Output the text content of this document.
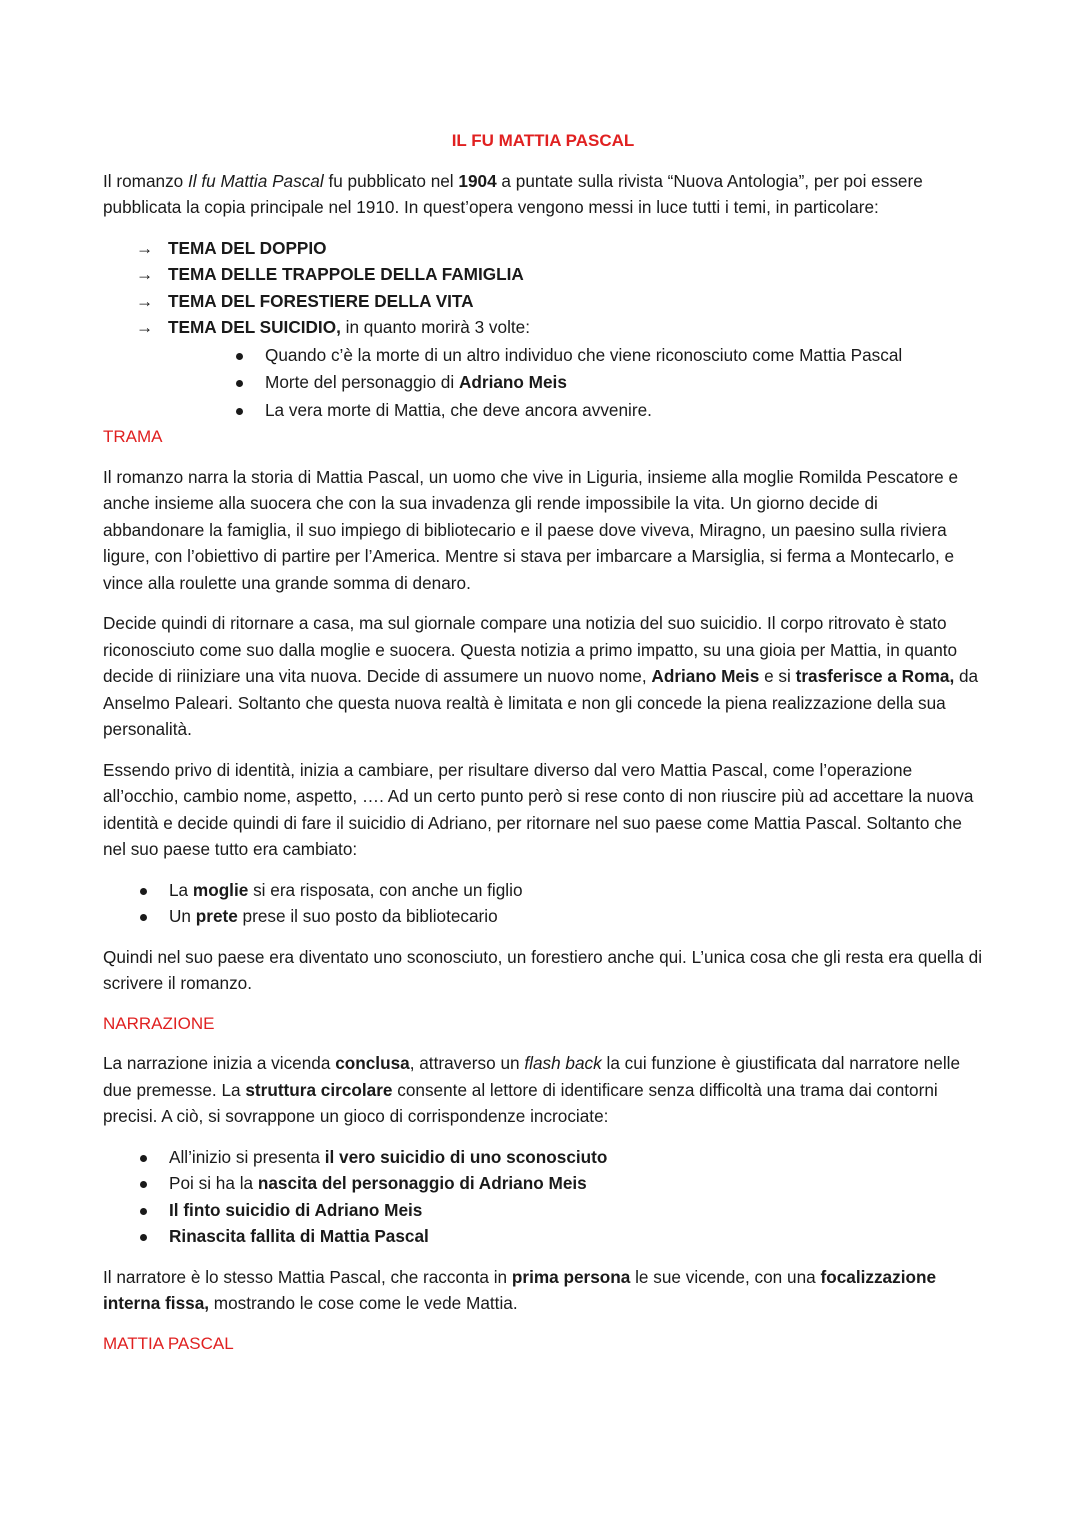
IL FU MATTIA PASCAL

Il romanzo Il fu Mattia Pascal fu pubblicato nel 1904 a puntate sulla rivista “Nuova Antologia”, per poi essere pubblicata la copia principale nel 1910. In quest’opera vengono messi in luce tutti i temi, in particolare:

→ TEMA DEL DOPPIO
→ TEMA DELLE TRAPPOLE DELLA FAMIGLIA
→ TEMA DEL FORESTIERE DELLA VITA
→ TEMA DEL SUICIDIO, in quanto morirà 3 volte:
Quando c’è la morte di un altro individuo che viene riconosciuto come Mattia Pascal
Morte del personaggio di Adriano Meis
La vera morte di Mattia, che deve ancora avvenire.
TRAMA

Il romanzo narra la storia di Mattia Pascal, un uomo che vive in Liguria, insieme alla moglie Romilda Pescatore e anche insieme alla suocera che con la sua invadenza gli rende impossibile la vita. Un giorno decide di abbandonare la famiglia, il suo impiego di bibliotecario e il paese dove viveva, Miragno, un paesino sulla riviera ligure, con l’obiettivo di partire per l’America. Mentre si stava per imbarcare a Marsiglia, si ferma a Montecarlo, e vince alla roulette una grande somma di denaro.

Decide quindi di ritornare a casa, ma sul giornale compare una notizia del suo suicidio. Il corpo ritrovato è stato riconosciuto come suo dalla moglie e suocera. Questa notizia a primo impatto, su una gioia per Mattia, in quanto decide di riiniziare una vita nuova. Decide di assumere un nuovo nome, Adriano Meis e si trasferisce a Roma, da Anselmo Paleari. Soltanto che questa nuova realtà è limitata e non gli concede la piena realizzazione della sua personalità.

Essendo privo di identità, inizia a cambiare, per risultare diverso dal vero Mattia Pascal, come l’operazione all’occhio, cambio nome, aspetto, …. Ad un certo punto però si rese conto di non riuscire più ad accettare la nuova identità e decide quindi di fare il suicidio di Adriano, per ritornare nel suo paese come Mattia Pascal. Soltanto che nel suo paese tutto era cambiato:

La moglie si era risposata, con anche un figlio
Un prete prese il suo posto da bibliotecario

Quindi nel suo paese era diventato uno sconosciuto, un forestiero anche qui. L’unica cosa che gli resta era quella di scrivere il romanzo.

NARRAZIONE

La narrazione inizia a vicenda conclusa, attraverso un flash back la cui funzione è giustificata dal narratore nelle due premesse. La struttura circolare consente al lettore di identificare senza difficoltà una trama dai contorni precisi. A ciò, si sovrappone un gioco di corrispondenze incrociate:

All’inizio si presenta il vero suicidio di uno sconosciuto
Poi si ha la nascita del personaggio di Adriano Meis
Il finto suicidio di Adriano Meis
Rinascita fallita di Mattia Pascal

Il narratore è lo stesso Mattia Pascal, che racconta in prima persona le sue vicende, con una focalizzazione interna fissa, mostrando le cose come le vede Mattia.

MATTIA PASCAL
